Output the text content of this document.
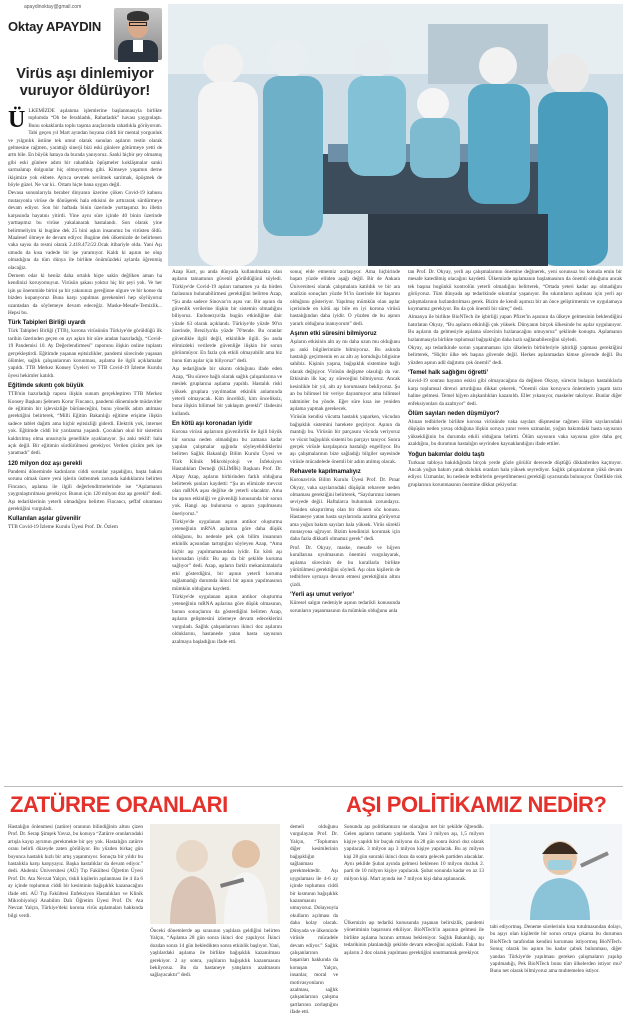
apaydinoktay@gmail.com
Oktay APAYDIN
Virüs aşı dinlemiyor vuruyor öldürüyor!

ÜLKEMİZDE aşılanma işlemlerine başlanmasıyla birlikte toplumda “Oh be ferahladık, Rahatladık” havası yaygınlaştı. Bunu sokaklarda toplu taşıma araçlarında rahatlıkla görüyorum. Tabi geçen yıl Mart ayından buyana ciddi bir mental yorgunluk ve yılgınlık üstüne tek umut olarak sunulan aşıların testin olarak gelmesine rağmen, yarattığı sinerji bizi eski günlere götürmeye yetti de arttı bile. En büyük hataya da burada yanıyoruz. Sanki hiçbir şey olmamış gibi eski günlere adım bir rahatlıkla öpüşmeler kokläşmalar sanki sarmalanıp dolgunlar hiç olmuyormuş gibi. Kimseye yaşamın derne ikişimize yok ekbete. Ayrıca sevmek sevilmek sarılmak, öpüşmek de böyle güzel. Ne var ki.. Ortam hiçte bana uygun değil.

Devasa sonunlarıyla beraber dinyanın üzerine çöken Covid-19 kabusu mutasyonla virüse de dönüşerek hala etkisini de arttırarak sürdürmeye devam ediyor. Son bir haftada binin üzerinde yurttaşımız bu illetin karşısında hayatını yitirdi. Yine aynı süre içinde 40 binin üzerinde yurttaşımız bu virüse yakalanarak hastalandı. Son olarak yine belirtmeliyim ki bugüne dek 25 bini aşkın insanımız bu virüsten öldü. Maalesef ölmeye de devam ediyor. Bugüne dek ülkemizde de belirlenen vaka sayısı da resmi olarak 2.418.472/22.Ocak itibariyle olda. Yani Aşı umudu da kısa vadede bir işe yaramıyor. Kaldı ki aşının ne olup olmadığını da tüm dünya ile birlikte önümüzdeki aylarda öğrenmiş olacağız.

Dernem odar ki henüz daha ortalık hiçte sakin değilken aman ha kendinizi koruyomuyun. Virüsün şakası yoktur hiç bir şeyi yok. Ve her işin şu önemmide birini şu bir yakınınızı gereğinne ulgure ve bir konse da bizden kopanyoruz Buna karşı yapılmas gerekenleri hep söylüyoruz uzantadan da söylemeye devam edeceğiz. Maske-Mesafe-Temizlik... Hepsi bu.

Türk Tabipleri Birliği uyardı

Türk Tabipleri Birliği (TTB), korona virüsünün Türkiye'de görüldüğü ilk tarihin üzerinden geçen on ayı aşkın bir süre aradan hazırladığı, “Covid-19 Pandemisi 10. Ay Değerlendirmesi” raporunu ilişkin online toplantı gerçekleştirdi. Eğitimde yaşanan eşitsizlikler, pandemi sürecinde yaşanan ölümler, sağlık çalışanlarının korunması, aşılama ile ilgili açıklamalar yapıldı. TTB Merkez Konsey Üyeleri ve TTB Covid-19 İzleme Kurulu üyesi hekimler katıldı.

Eğitimde sıkıntı çok büyük

TTB'nin hazırladığı rapora ilişkin sunum gerçekleştiren TTB Merkez Konsey Başkanı Şebnem Korur Fincancı, pandemi döneminde müdavitler de eğitimin bir işlevsizliğe bürüneceğini, bunu yönelik adım atılması gerektiğini belirterek, “Milli Eğitim Bakanlığı eğitime erişime ilişkin sadece tablet dağıttı ama hiçbir eşitsizliği giderdi. Elektrik yok, internet yok. Eğitimde ciddi bir yarılanma yaşandı. Çocukları okul bir sistemin kaldırılmış olma unsuruyla genellikle ayaklanıyor. Şu anki teklif: hala açık değil. Bir eğitimin sürdürülmesi gerekiyor. Verilen çözüm pek işe yaramadı” dedi.

120 milyon doz aşı gerekli

Pandemi döneminde kadınların ciddi sorunlar yaşadığını, başta bakım sorunu olmak üzere yeni işlerin üstlenmek zorunda kaldıklarını belirten Fincancı, aşılama ile ilgili değerlendirmelerinde ise “Aşılamanın yaygınlaştırılması gerekiyor. Bunun için 120 milyon doz aşı gerekli” dedi. Aşı tedariklerinin yeterli olmadığını belirten Fincancı, şeffaf olunması gerektiğini vurguladı.

Kullanılan aşılar güvenilir

TTB Covid-19 İzleme Kurulu Üyesi Prof. Dr. Özlem

Azap Kurt, şu anda dünyada kullanılmakta olan aşıların tamamının güvenli görüldüğünü söyledi. Türkiye'de Covid-19 aşıları tamamen ya da birden fazlasının bulunabilirmesi gerektiğini belirten Azap, “Şu anda sadece Sinovac'ın aşısı var. Bir aşının da güvenlik verilerine ilişkin bir sistemin olmadığını biliyoruz. Endonezya'da bugün etkinliğine dair yüzde 63 olarak açıklandı. Türkiye'de yüzde 90'ın üzerinde, Brezilya'da yüzde 70'tende. Bu oranlar güvenlikle ilgili değil, etkinlikle ilgili. Şu anda elimizdeki verilerde güvenliğe ilişkin bir sorun görünmüyor. En fazla çok etkili olmayabilir ama biz bunu tüm aşılar için biliyoruz” dedi.

Aşı tedariğinde bir sıkıntı olduğunu ifade eden Azap, “Bu sürece bağlı olarak sağlık çalışanlarına ve meslek gruplarına aşılama yapıldı. Hastalık riski yüksek gruplara yayılmadan etkinlik anlamında yeterli olmayacak. Kim öncelikli, kim önceliksiz, buna ilişkin bilimsel bir yaklaşım gerekli” ifadesini kullandı.

En kötü aşı koronadan iyidir

Korona virüsü aşılarının güvenilirlik ile ilgili büyük bir soruna neden olmadığını bu zamana kadar yapılan çalışmalar ışığında söyleyebildiklerini belirten Sağlık Bakanlığı Bilim Kurulu Üyesi ve Türk Klinik Mikrobiyoloji ve İnfeksiyon Hastalıkları Derneği (KLİMİK) Başkanı Prof. Dr. Alpay Azap, aşıların birbirinden farklı olduğuna belirterek şunları kaydetti: “Şu an elimizde mevcut olan mRNA aşısı değilse de yeterli olacaktır. Ama bu aşının etkinliği ve güvenliği konusunda bir sorun yok. Hangi aşı bulunursa o aşının yapılmasını öneriyoruz.”

Türkiye'de uygulanan aşının antikor oluşturma yeteneğinin mRNA aşılarına göre daha düşük olduğunu, bu nedenle pek çok bilim insanının etkinlik açısından tartıştığını söyleyen Azap, “Ama hiçbir aşı yapılmamasından iyidir. En kötü aşı koronadan iyidir. Bu aşı da bir şekilde koruma sağlıyor” dedi. Azap, aşıların farklı mekanizmalarla etki gösterdiğini, bir aşının yeterli koruma sağlamadığı durumda ikinci bir aşının yapılmasının mümkün olduğunu kaydetti.

Türkiye'de uygulanan aşının antikor oluşturma yeteneğinin mRNA aşılarına göre düşük olmasının, bunun sonuçlarını da gösterdiğini belirten Azap, aşıların gelişmesini izlemeye devam edeceklerini vurguladı. Sağlık çalışanlarının ikinci doz aşılarını olduklarını, hastanede yatan hasta sayısının azalmaya başladığını ifade etti.

sonuç elde etmemiz zorlaşıyor. Ama hiçbirinde başarı yüzde elliden aşağı değil. Bir de Ankara Üniversitesi olarak çalışmalara katıldık ve bir ara analizin sonuçları yüzde 91'in üzerinde bir başarını olduğunu gösteriyor. Yapılmış mümkün olan aşılar içerisinde en kötü aşı bile en iyi korona virüsü hastalığından daha iyidir. O yüzden de bu aşının yararlı olduğuna inanıyorum” dedi.

Aşının etki süresini bilmiyoruz

Aşıların etkisinin altı ay mı daha uzun mu olduğunu şu anki bilgilerimizle bilmiyoruz. Bu aslında hastalığı geçirmenin en az altı ay koruduğu bilgisine sahibiz. Kişinin yaşına, bağışıklık sistemine bağlı olarak değişiyor. Virüsün değişme olasılığı da var. Etkisinin ilk kaç ay süreceğini bilmiyoruz. Ancak kesinlikle bir yıl, altı ay korumasını bekliyoruz. Şu an bu bilimsel bir veriye dayanmıyor ama bilimsel tahminler bu yönde. Eğer süre kısa ise yeniden aşılama yapmak gerekecek.

Virüsün kendisi vücutta hastalık yaparken, vücudun bağışıklık sistemini harekete geçiriyor. Aşının da mantığı bu. Virüsün bir parçasını vücuda veriyoruz ve vücut bağışıklık sistemi bu parçayı tanıyor. Sonra gerçek virüsle karşılaşınca hastalığı engelliyor. Bu aşı çalışmalarının bize sağladığı bilgiler sayesinde virüsle mücadelede önemli bir adım atılmış olacak.

Rehavete kapılmamalıyız

Koronavirüs Bilim Kurulu Üyesi Prof. Dr. Pınar Okyay, vaka sayılarındaki düşüşün rehavete neden olmaması gerektiğini belirterek, “Sayılarımız istenen seviyede değil. Haftalarca bulunmak zorundayız. Yeniden sıkıştırılmış olan bir dönem söz konusu. Hastaneye yatan hasta sayılarında azalma görüyoruz ama yoğun bakım sayıları hala yüksek. Virüs sürekli mutasyona uğruyor. Bizim kendimizi korumak için daha fazla dikkatli olmamız gerek” dedi.

Prof. Dr. Okyay, maske, mesafe ve hijyen kurallarına uyulmasının önemini vurgulayarak, aşılama sürecinin de bu kurallarla birlikte yürütülmesi gerektiğini söyledi. Aşı olan kişilerin de tedbirlere uymaya devam etmesi gerektiğinin altını çizdi.

‘Yerli aşı umut veriyor’

Küresel salgın nedeniyle aşının tedarikli konusunda sorunların yaşanmasının da mümkün olduğunu anla

tan Prof. Dr. Okyay, yerli aşı çalışmalarının önemine değinerek, yeni sorunsuz bu konuda emin bir mesafe katedilmiş olacağını kaydetti. Ülkemizde aşılamanın başlamasının da önemli olduğunu ancak tek başına bugünkü kontrolün yeterli olmadığını belirterek, “Ortada yeteri kadar aşı olmadığını görüyoruz. Tüm dünyada aşı tedarikinde sıkıntılar yaşanıyor. Bu sıkıntıların aşılması için yerli aşı çalışmalarının hızlandırılması gerek. Bizim de kendi aşımızı bir an önce geliştirmemiz ve uygulamaya koymamız gerekiyor. Bu da çok önemli bir süreç” dedi.

Almanya ile birlikte BioNTech ile işbirliği yapan Pfizer'in aşısının da ülkeye gelmesinin beklendiğini hatırlatan Okyay, “Bu aşıların etkinliği çok yüksek. Dünyanın birçok ülkesinde bu aşılar uygulanıyor. Bu aşıların da gelmesiyle aşılama sürecinin hızlanacağını umuyoruz” şeklinde konuştu. Aşılamanın hızlanmasıyla birlikte toplumsal bağışıklığın daha hızlı sağlanabileceğini söyledi.

Okyay, aşı tedarikinde sorun yaşanmaması için ülkelerin birbirleriyle işbirliği yapması gerektiğini belirterek, “Hiçbir ülke tek başına güvende değil. Herkes aşılanmadan kimse güvende değil. Bu yüzden aşının adil dağıtımı çok önemli” dedi.

‘Temel halk sağlığını öğretti’

Kovid-19 sonrası hayatın eskisi gibi olmayacağına da değinen Okyay, sürecin bulaşıcı hastalıklarla karşı toplumsal direnci artırdığına dikkat çekerek, “Önemli olan koruyucu önlemlerin yaşam tarzı haline gelmesi. Temel hijyen alışkanlıkları kazanıldı. Eller yıkanıyor, maskeler takılıyor. Bunlar diğer enfeksiyonları da azaltıyor” dedi.

Ölüm sayıları neden düşmüyor?

Alınan tedbirlerle birlikte korona virüsünde vaka sayıları düşmesine rağmen ölüm sayılarındaki düşüşün neden yavaş olduğuna ilişkin soruya yanıt veren uzmanlar, yoğun bakımdaki hasta sayısının yüksekliğinin bu durumda etkili olduğunu belirtti. Ölüm sayısının vaka sayısına göre daha geç azaldığını, bu durumun hastalığın seyrinden kaynaklandığını ifade ettiler.

Yoğun bakımlar doldu taştı

Turkuaz tabloya bakıldığında birçok yerde gözle görülür derecede düştüğü dikkatlerden kaçmıyor. Ancak yoğun bakım yatak doluluk oranları hala yüksek seyrediyor. Sağlık çalışanlarının yükü devam ediyor. Uzmanlar, bu nedenle tedbirlerin gevşetilmemesi gerektiği uyarısında bulunuyor. Özellikle risk gruplarının korunmasının önemine dikkat çekiyorlar.

ZATÜRRE ORANLARI
Hastalığın önlenmesi (zatüre) oranının bilindiğinin altını çizen Prof. Dr. Serap Şimşek Yavuz, bu konuya “Zatürre oranlarındaki artışla kayıp ayrımın gerekmekte bir şey yok. Hastalığın zatürre oranı belirli düzeyde zaten görülüyor. Bu yüzden birkaç gün boyunca hastalık hızlı bir artış yaşanmıyor. Sonuçta bir yıldır bu hastalıkla karşı karşıyayız. Başka hastalıklar da devam ediyor.” dedi. Akdeniz Üniversitesi (AÜ) Tıp Fakültesi Öğretim Üyesi Prof. Dr. Ata Nevzat Yalçın, riskli kişilerin aşılanması ile 4 ila 6 ay içinde toplumun ciddi bir kesiminin bağışıklık kazanacağını ifade etti. AÜ Tıp Fakültesi Enfeksiyon Hastalıkları ve Klinik Mikrobiyoloji Anabilim Dalı Öğretim Üyesi Prof. Dr. Ata Nevzat Yalçın, Türkiye'deki korona virüs aşılamaları hakkında bilgi verdi.
Önceki dönemlerde aşı sırasının yaşlılara geldiğini belirten Yalçın, “Aşılama 28 gün sonra ikinci doz yapılıyor. İkinci dozdan sonra 14 gün bekledikten sonra etkinlik başlıyor. Yani, yaşlılardaki aşılama ile birlikte bağışıklık kazanılması gerekiyor. 2 ay sonra, yaşlıların bağışıklık kazanmasını bekliyoruz. Bu da hastaneye yatışların azalmasını sağlayacaktır” dedi.
AŞI POLİTİKAMIZ NEDİR?
Sonunda aşı politikamızın ne olacağını net bir şekilde öğrendik. Gelen aşıların tamamı yaşlılarda. Yani 3 milyon aşı, 1,5 milyon kişiye yapıldı bir buçuk milyonu da 28 gün sonra ikinci doz olarak yapılacak. 3 milyon aşı 3 milyon kişiye yapılacak. Bu ay milyon kişi 28 gün sonraki ikinci dozu da sonra gelecek partiden alacaklar. Aynı şekilde Şubat ayında gelmesi beklenen 10 milyon dozluk 2. parti de 10 milyon kişiye yapılacak. Şubat sonunda kadar en az 13 milyon kişi. Mart ayında ise 7 milyon kişi daha aşılanacak.
Ülkemizin aşı tedariki konusunda yaşanan belirsizlik, pandemi yönetiminin başarısını etkiliyor. BioNTech'in aşısının gelmesi ile birlikte aşılama hızının artması bekleniyor. Sağlık Bakanlığı, aşı tedarikinin planlandığı şekilde devam edeceğini açıkladı. Fakat bu aşıların 2 doz olarak yapılması gerektiğini unutmamak gerekiyor.
tabi ediyormuş. Deneme sürelerinin kısa tutulmasından dolayı, bu aşıyı olan kişilerde bir sorun ortaya çıkarsa bu durumun BioNTech tarafından kendini koruması istiyormuş BioNTech. Sonuç olarak bu aşının bu kadar çabuk bulunması, diğer yandan Türkiye'de yapılması gereken çalışmaların yapılıp yapılmadığı, Pek BioNTech bunu tüm ülkelerden istiyor mu? Bunu net olarak bilmiyoruz ama muhtemelen istiyor.
demeli olduğunu vurgulayan Prof. Dr. Yalçın, “Toplumun diğer kesimlerinin bağışıklığın sağlanması gerekmektedir. Aşı uygulaması ile 4-6 ay içinde toplumun ciddi bir kısmının bağışıklık kazanmasını umuyoruz. Dolayısıyla okulların açılması da daha kolay olacak. Dünyada ve ülkemizde virüsle mücadele devam ediyor.” Sağlık çalışanlarının başarıları hakkında da konuşan Yalçın, insanlar, moral ve motivasyonların azalması, sağlık çalışanlarının çalışma şartlarının zorlaştığını ifade etti.
